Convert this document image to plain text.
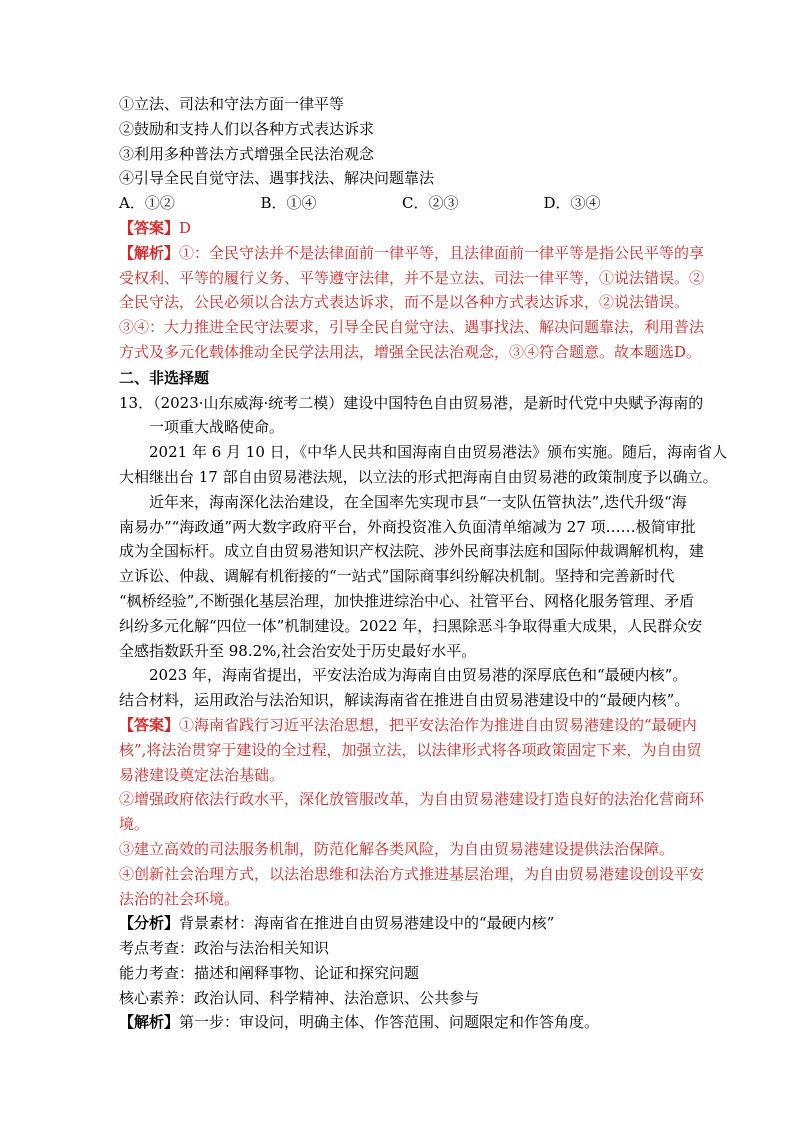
①立法、司法和守法方面一律平等
②鼓励和支持人们以各种方式表达诉求
③利用多种普法方式增强全民法治观念
④引导全民自觉守法、遇事找法、解决问题靠法
A．①②	B．①④	C．②③	D．③④
【答案】D
【解析】①：全民守法并不是法律面前一律平等，且法律面前一律平等是指公民平等的享
受权利、平等的履行义务、平等遵守法律，并不是立法、司法一律平等，①说法错误。②
全民守法，公民必须以合法方式表达诉求，而不是以各种方式表达诉求，②说法错误。
③④：大力推进全民守法要求，引导全民自觉守法、遇事找法、解决问题靠法，利用普法
方式及多元化载体推动全民学法用法，增强全民法治观念，③④符合题意。故本题选D。
二、非选择题
13．（2023·山东威海·统考二模）建设中国特色自由贸易港，是新时代党中央赋予海南的
一项重大战略使命。
2021 年 6 月 10 日，《中华人民共和国海南自由贸易港法》颁布实施。随后，海南省人
大相继出台 17 部自由贸易港法规，以立法的形式把海南自由贸易港的政策制度予以确立。
近年来，海南深化法治建设，在全国率先实现市县“一支队伍管执法”,迭代升级“海
南易办”“海政通”两大数字政府平台，外商投资准入负面清单缩减为 27 项……极简审批
成为全国标杆。成立自由贸易港知识产权法院、涉外民商事法庭和国际仲裁调解机构，建
立诉讼、仲裁、调解有机衔接的“一站式”国际商事纠纷解决机制。坚持和完善新时代
“枫桥经验”,不断强化基层治理，加快推进综治中心、社管平台、网格化服务管理、矛盾
纠纷多元化解“四位一体”机制建设。2022 年，扫黑除恶斗争取得重大成果，人民群众安
全感指数跃升至 98.2%,社会治安处于历史最好水平。
2023 年，海南省提出，平安法治成为海南自由贸易港的深厚底色和“最硬内核”。
结合材料，运用政治与法治知识，解读海南省在推进自由贸易港建设中的“最硬内核”。
【答案】①海南省践行习近平法治思想，把平安法治作为推进自由贸易港建设的“最硬内
核”,将法治贯穿于建设的全过程，加强立法，以法律形式将各项政策固定下来，为自由贸
易港建设奠定法治基础。
②增强政府依法行政水平，深化放管服改革，为自由贸易港建设打造良好的法治化营商环
境。
③建立高效的司法服务机制，防范化解各类风险，为自由贸易港建设提供法治保障。
④创新社会治理方式，以法治思维和法治方式推进基层治理，为自由贸易港建设创设平安
法治的社会环境。
【分析】背景素材：海南省在推进自由贸易港建设中的“最硬内核”
考点考查：政治与法治相关知识
能力考查：描述和阐释事物、论证和探究问题
核心素养：政治认同、科学精神、法治意识、公共参与
【解析】第一步：审设问，明确主体、作答范围、问题限定和作答角度。
